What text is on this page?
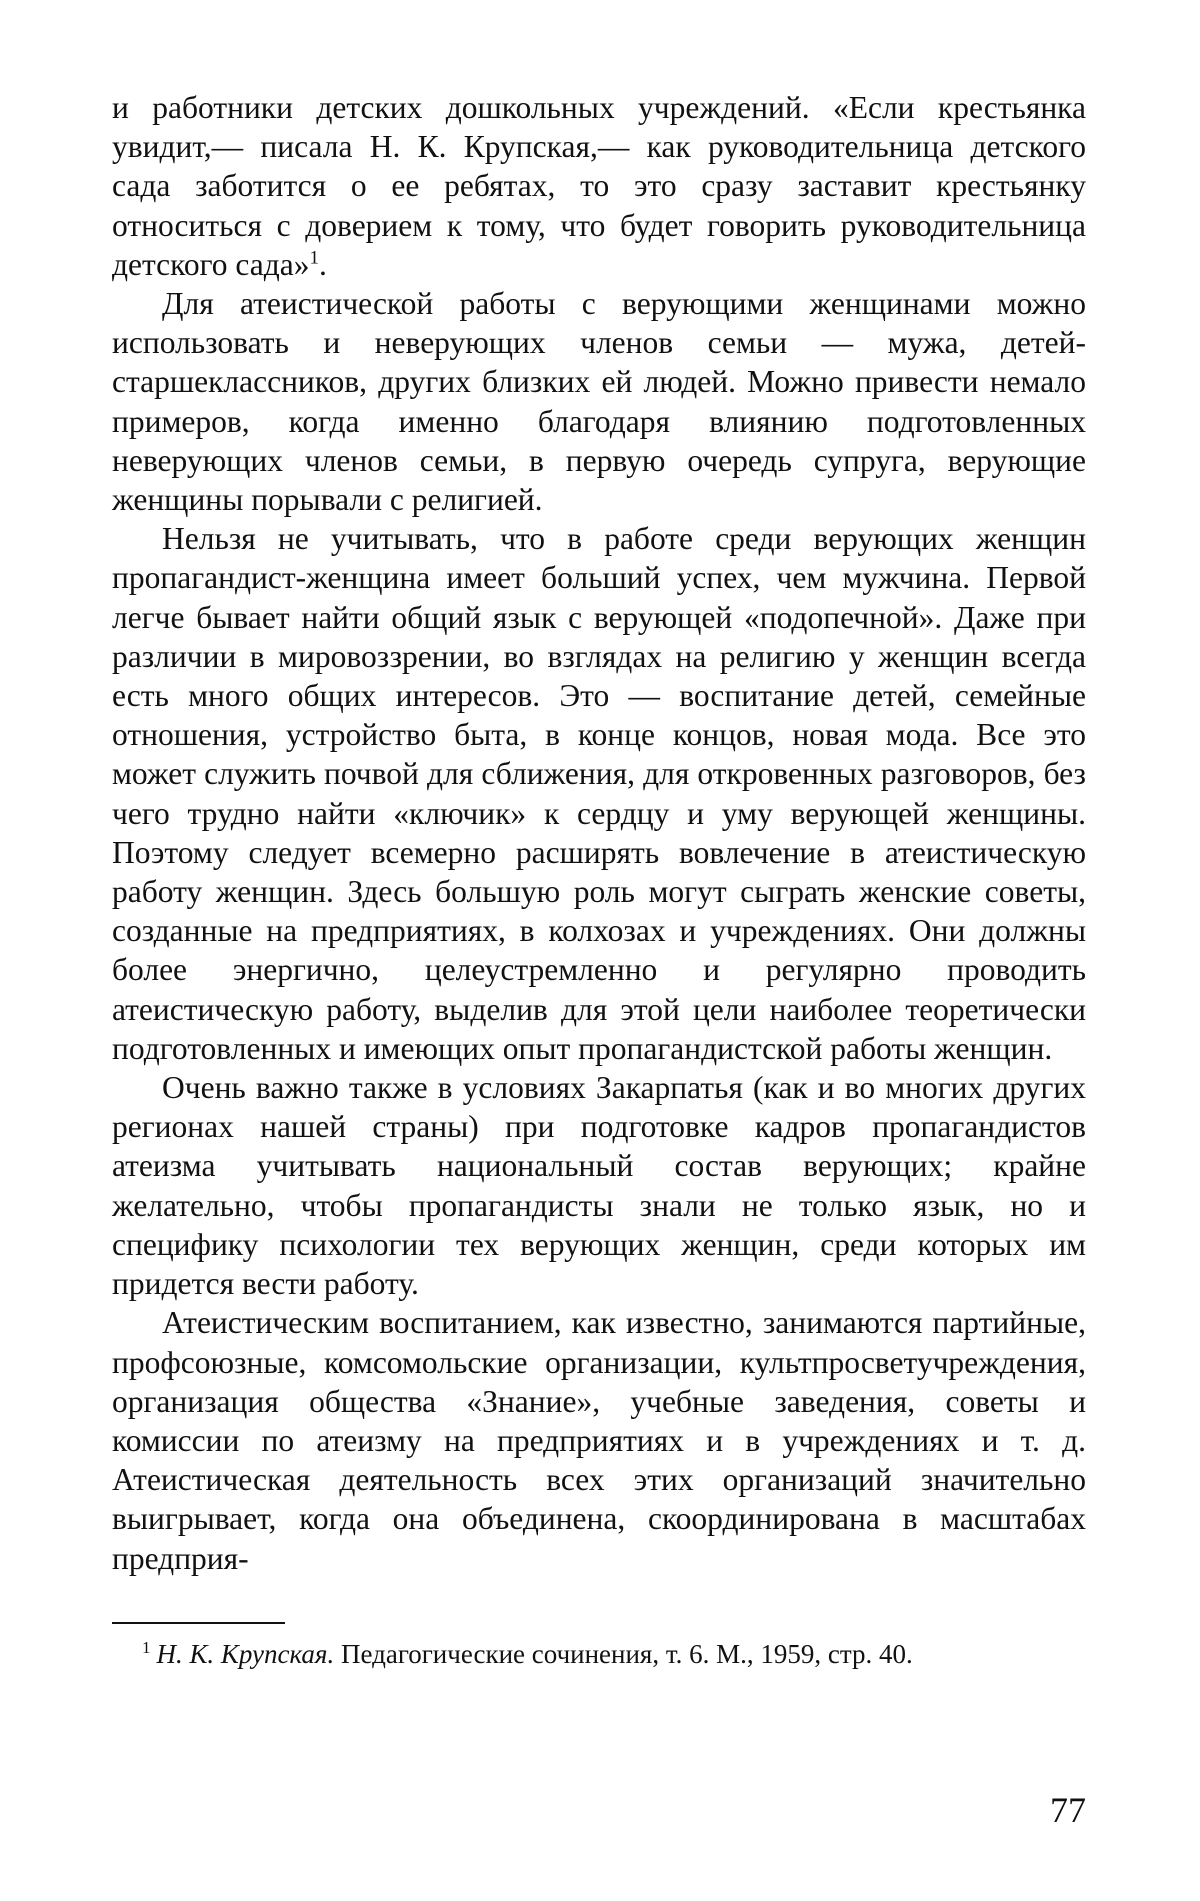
и работники детских дошкольных учреждений. «Если крестьянка увидит,— писала Н. К. Крупская,— как руководительница детского сада заботится о ее ребятах, то это сразу заставит крестьянку относиться с доверием к тому, что будет говорить руководительница детского сада»$^1$.

Для атеистической работы с верующими женщинами можно использовать и неверующих членов семьи — мужа, детей-старшеклассников, других близких ей людей. Можно привести немало примеров, когда именно благодаря влиянию подготовленных неверующих членов семьи, в первую очередь супруга, верующие женщины порывали с религией.

Нельзя не учитывать, что в работе среди верующих женщин пропагандист-женщина имеет больший успех, чем мужчина. Первой легче бывает найти общий язык с верующей «подопечной». Даже при различии в мировоззрении, во взглядах на религию у женщин всегда есть много общих интересов. Это — воспитание детей, семейные отношения, устройство быта, в конце концов, новая мода. Все это может служить почвой для сближения, для откровенных разговоров, без чего трудно найти «ключик» к сердцу и уму верующей женщины. Поэтому следует всемерно расширять вовлечение в атеистическую работу женщин. Здесь большую роль могут сыграть женские советы, созданные на предприятиях, в колхозах и учреждениях. Они должны более энергично, целеустремленно и регулярно проводить атеистическую работу, выделив для этой цели наиболее теоретически подготовленных и имеющих опыт пропагандистской работы женщин.

Очень важно также в условиях Закарпатья (как и во многих других регионах нашей страны) при подготовке кадров пропагандистов атеизма учитывать национальный состав верующих; крайне желательно, чтобы пропагандисты знали не только язык, но и специфику психологии тех верующих женщин, среди которых им придется вести работу.

Атеистическим воспитанием, как известно, занимаются партийные, профсоюзные, комсомольские организации, культпросветучреждения, организация общества «Знание», учебные заведения, советы и комиссии по атеизму на предприятиях и в учреждениях и т. д. Атеистическая деятельность всех этих организаций значительно выигрывает, когда она объединена, скоординирована в масштабах предприя-

$^1$ Н. К. Крупская. Педагогические сочинения, т. 6. М., 1959, стр. 40.

77
